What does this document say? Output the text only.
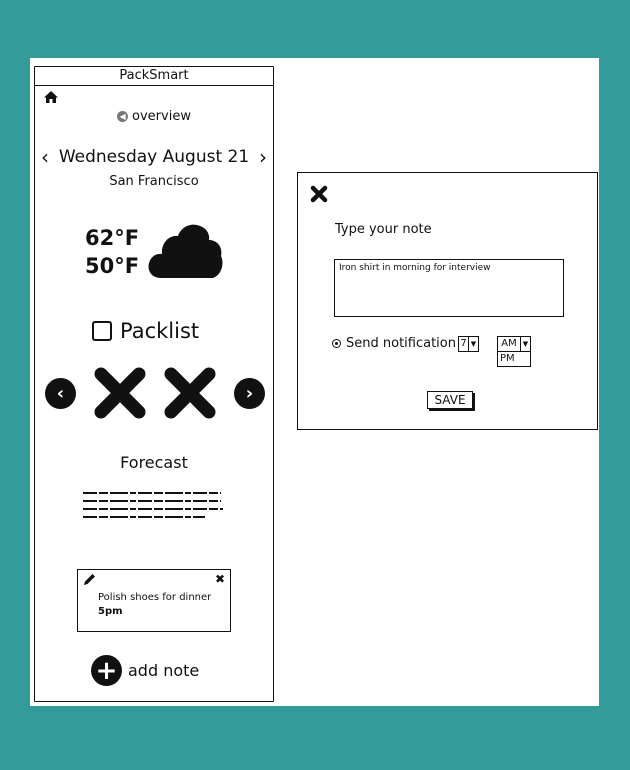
PackSmart
◀ overview
‹ Wednesday August 21 ›
San Francisco
62°F
50°F
Packlist
‹	›
Forecast
✖
Polish shoes for dinner
5pm
+ add note
Type your note
Iron shirt in morning for interview
Send notification 7 ▼	AM ▼
PM
SAVE
